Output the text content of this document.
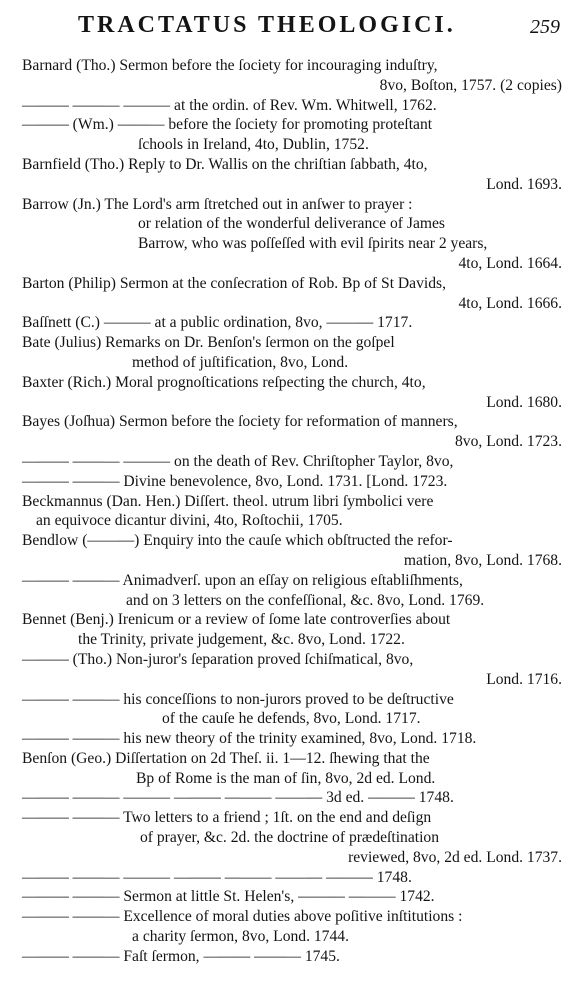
TRACTATUS THEOLOGICI.	259
Barnard (Tho.) Sermon before the ſociety for incouraging induſtry,
8vo, Boſton, 1757. (2 copies)
——— ——— ——— at the ordin. of Rev. Wm. Whitwell, 1762.
——— (Wm.) ——— before the ſociety for promoting proteſtant
ſchools in Ireland, 4to, Dublin, 1752.
Barnfield (Tho.) Reply to Dr. Wallis on the chriſtian ſabbath, 4to,
Lond. 1693.
Barrow (Jn.) The Lord's arm ſtretched out in anſwer to prayer :
or relation of the wonderful deliverance of James
Barrow, who was poſſeſſed with evil ſpirits near 2 years,
4to, Lond. 1664.
Barton (Philip) Sermon at the conſecration of Rob. Bp of St Davids,
4to, Lond. 1666.
Baſſnett (C.) ——— at a public ordination, 8vo, ——— 1717.
Bate (Julius) Remarks on Dr. Benſon's ſermon on the goſpel
method of juſtification, 8vo, Lond.
Baxter (Rich.) Moral prognoſtications reſpecting the church, 4to,
Lond. 1680.
Bayes (Joſhua) Sermon before the ſociety for reformation of manners,
8vo, Lond. 1723.
——— ——— ——— on the death of Rev. Chriſtopher Taylor, 8vo,
——— ——— Divine benevolence, 8vo, Lond. 1731. [Lond. 1723.
Beckmannus (Dan. Hen.) Diſſert. theol. utrum libri ſymbolici vere
an equivoce dicantur divini, 4to, Roſtochii, 1705.
Bendlow (———) Enquiry into the cauſe which obſtructed the refor-
mation, 8vo, Lond. 1768.
——— ——— Animadverſ. upon an eſſay on religious eſtabliſhments,
and on 3 letters on the confeſſional, &c. 8vo, Lond. 1769.
Bennet (Benj.) Irenicum or a review of ſome late controverſies about
the Trinity, private judgement, &c. 8vo, Lond. 1722.
——— (Tho.) Non-juror's ſeparation proved ſchiſmatical, 8vo,
Lond. 1716.
——— ——— his conceſſions to non-jurors proved to be deſtructive
of the cauſe he defends, 8vo, Lond. 1717.
——— ——— his new theory of the trinity examined, 8vo, Lond. 1718.
Benſon (Geo.) Diſſertation on 2d Theſ. ii. 1—12. ſhewing that the
Bp of Rome is the man of ſin, 8vo, 2d ed. Lond.
——— ——— ——— ——— ——— ——— 3d ed. ——— 1748.
——— ——— Two letters to a friend ; 1ſt. on the end and deſign
of prayer, &c. 2d. the doctrine of prædeſtination
reviewed, 8vo, 2d ed. Lond. 1737.
——— ——— ——— ——— ——— ——— ——— 1748.
——— ——— Sermon at little St. Helen's, ——— ——— 1742.
——— ——— Excellence of moral duties above poſitive inſtitutions :
a charity ſermon, 8vo, Lond. 1744.
——— ——— Faſt ſermon, ——— ——— 1745.
